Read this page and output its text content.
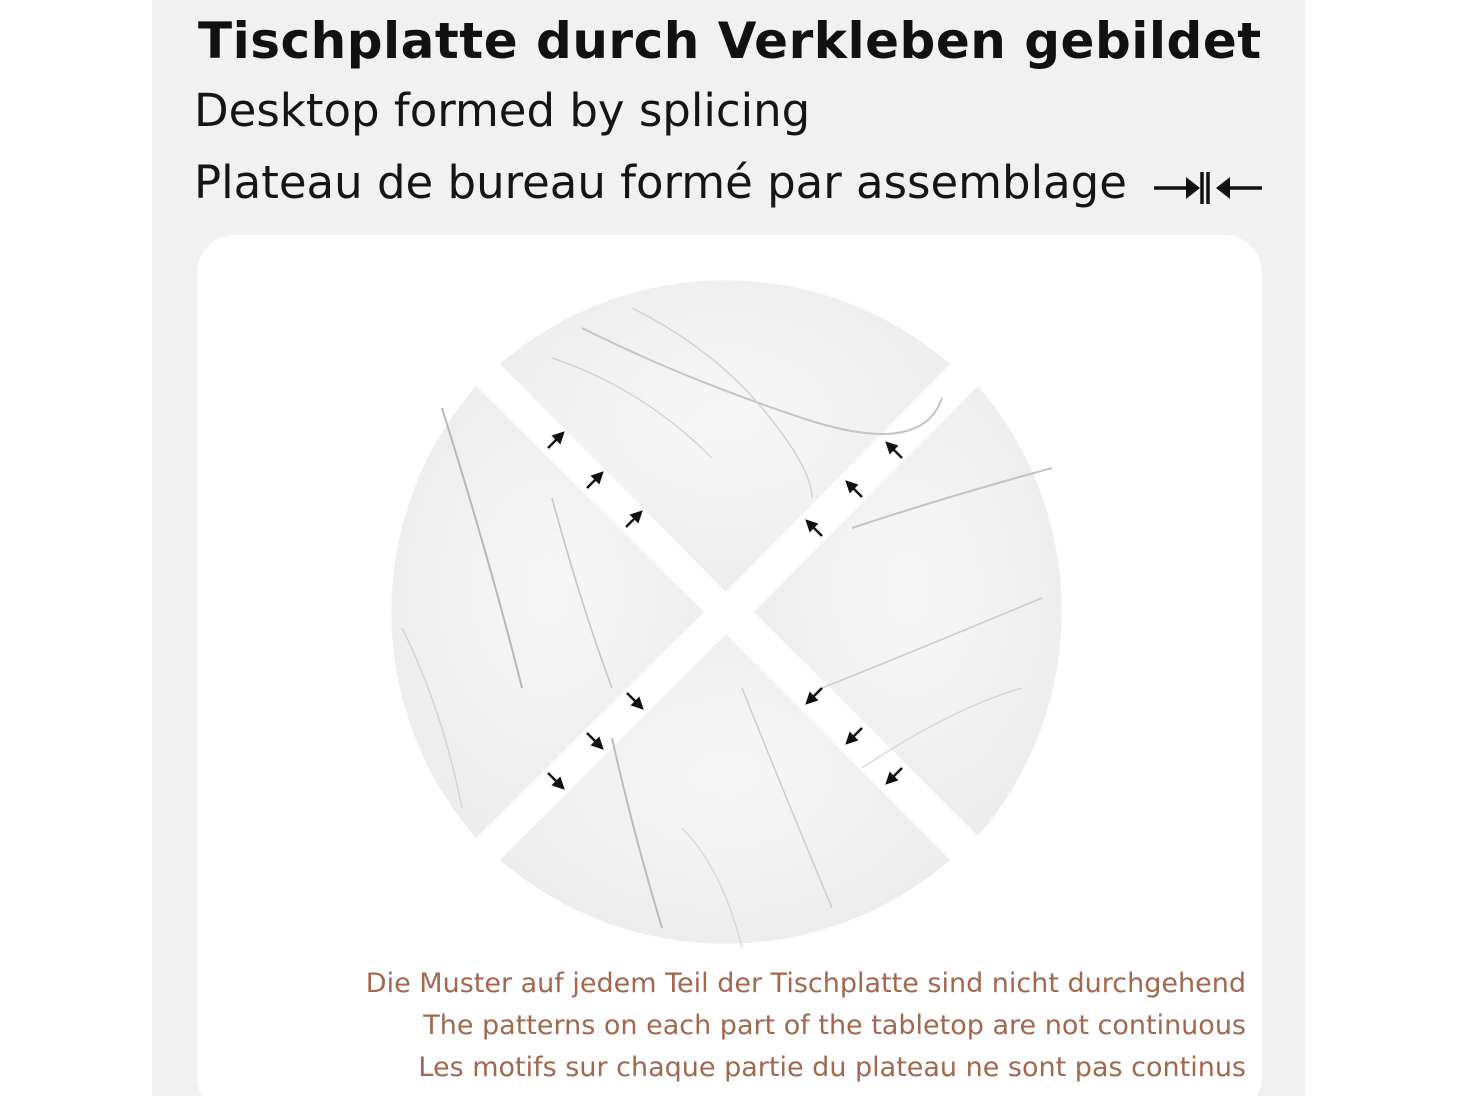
Tischplatte durch Verkleben gebildet
Desktop formed by splicing
Plateau de bureau formé par assemblage
Die Muster auf jedem Teil der Tischplatte sind nicht durchgehend
The patterns on each part of the tabletop are not continuous
Les motifs sur chaque partie du plateau ne sont pas continus
